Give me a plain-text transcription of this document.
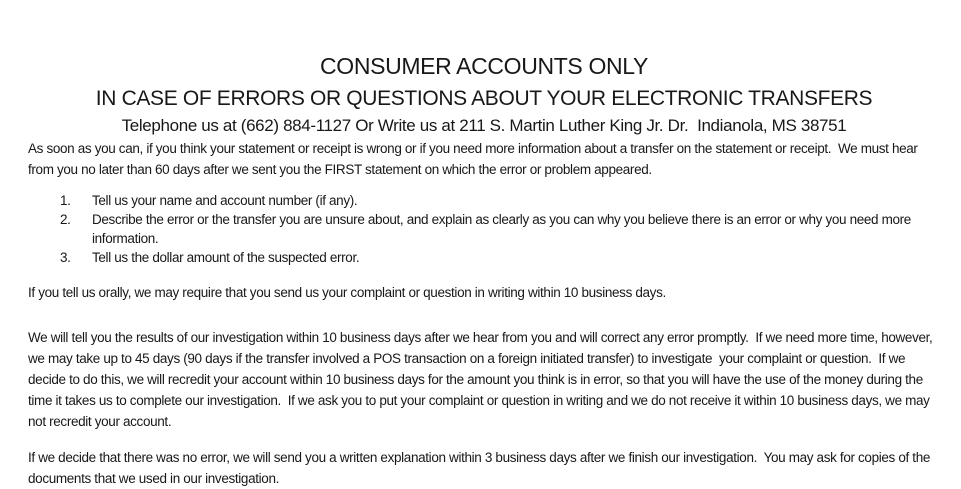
CONSUMER ACCOUNTS ONLY
IN CASE OF ERRORS OR QUESTIONS ABOUT YOUR ELECTRONIC TRANSFERS
Telephone us at (662) 884-1127 Or Write us at 211 S. Martin Luther King Jr. Dr.  Indianola, MS 38751
As soon as you can, if you think your statement or receipt is wrong or if you need more information about a transfer on the statement or receipt.  We must hear from you no later than 60 days after we sent you the FIRST statement on which the error or problem appeared.
1.	Tell us your name and account number (if any).
2.	Describe the error or the transfer you are unsure about, and explain as clearly as you can why you believe there is an error or why you need more information.
3.	Tell us the dollar amount of the suspected error.
If you tell us orally, we may require that you send us your complaint or question in writing within 10 business days.
We will tell you the results of our investigation within 10 business days after we hear from you and will correct any error promptly.  If we need more time, however, we may take up to 45 days (90 days if the transfer involved a POS transaction on a foreign initiated transfer) to investigate  your complaint or question.  If we decide to do this, we will recredit your account within 10 business days for the amount you think is in error, so that you will have the use of the money during the time it takes us to complete our investigation.  If we ask you to put your complaint or question in writing and we do not receive it within 10 business days, we may not recredit your account.
If we decide that there was no error, we will send you a written explanation within 3 business days after we finish our investigation.  You may ask for copies of the documents that we used in our investigation.
